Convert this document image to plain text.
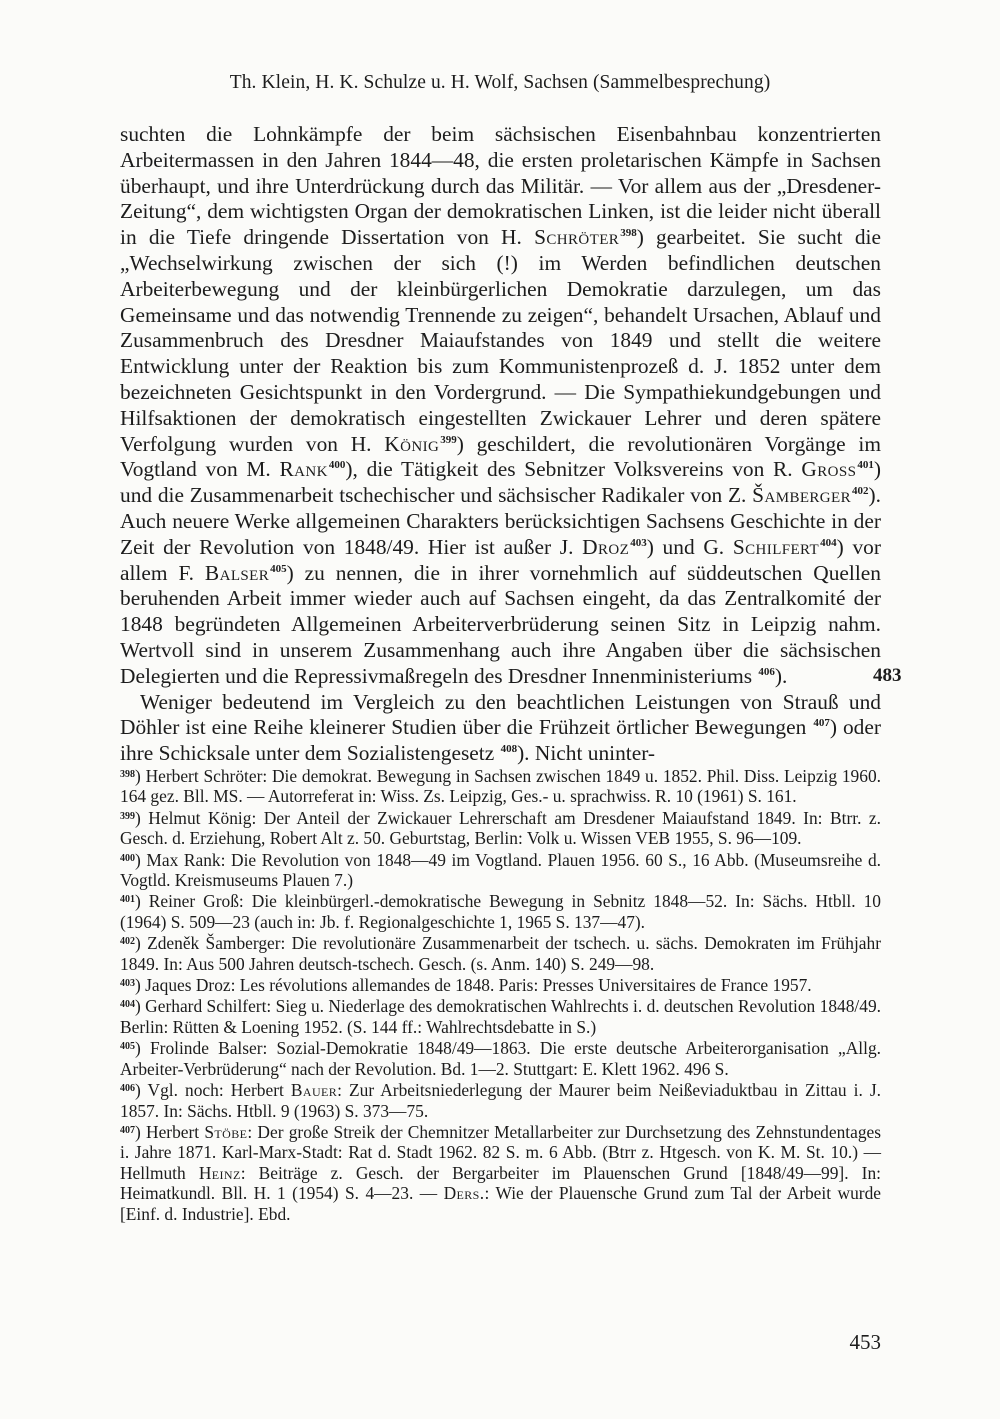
Th. Klein, H. K. Schulze u. H. Wolf, Sachsen (Sammelbesprechung)

suchten die Lohnkämpfe der beim sächsischen Eisenbahnbau konzentrierten Arbeitermassen in den Jahren 1844—48, die ersten proletarischen Kämpfe in Sachsen überhaupt, und ihre Unterdrückung durch das Militär. — Vor allem aus der „Dresdener-Zeitung“, dem wichtigsten Organ der demokratischen Linken, ist die leider nicht überall in die Tiefe dringende Dissertation von H. Schröter$^{398}$) gearbeitet. Sie sucht die „Wechselwirkung zwischen der sich (!) im Werden befindlichen deutschen Arbeiterbewegung und der kleinbürgerlichen Demokratie darzulegen, um das Gemeinsame und das notwendig Trennende zu zeigen“, behandelt Ursachen, Ablauf und Zusammenbruch des Dresdner Maiaufstandes von 1849 und stellt die weitere Entwicklung unter der Reaktion bis zum Kommunistenprozeß d. J. 1852 unter dem bezeichneten Gesichtspunkt in den Vordergrund. — Die Sympathiekundgebungen und Hilfsaktionen der demokratisch eingestellten Zwickauer Lehrer und deren spätere Verfolgung wurden von H. König$^{399}$) geschildert, die revolutionären Vorgänge im Vogtland von M. Rank$^{400}$), die Tätigkeit des Sebnitzer Volksvereins von R. Gross$^{401}$) und die Zusammenarbeit tschechischer und sächsischer Radikaler von Z. Šamberger$^{402}$). Auch neuere Werke allgemeinen Charakters berücksichtigen Sachsens Geschichte in der Zeit der Revolution von 1848/49. Hier ist außer J. Droz$^{403}$) und G. Schilfert$^{404}$) vor allem F. Balser$^{405}$) zu nennen, die in ihrer vornehmlich auf süddeutschen Quellen beruhenden Arbeit immer wieder auch auf Sachsen eingeht, da das Zentralkomité der 1848 begründeten Allgemeinen Arbeiterverbrüderung seinen Sitz in Leipzig nahm. Wertvoll sind in unserem Zusammenhang auch ihre Angaben über die sächsischen Delegierten und die Repressivmaßregeln des Dresdner Innenministeriums $^{406}$).

Weniger bedeutend im Vergleich zu den beachtlichen Leistungen von Strauß und Döhler ist eine Reihe kleinerer Studien über die Frühzeit örtlicher Bewegungen $^{407}$) oder ihre Schicksale unter dem Sozialistengesetz $^{408}$). Nicht uninter-

483
$^{398}$) Herbert Schröter: Die demokrat. Bewegung in Sachsen zwischen 1849 u. 1852. Phil. Diss. Leipzig 1960. 164 gez. Bll. MS. — Autorreferat in: Wiss. Zs. Leipzig, Ges.- u. sprachwiss. R. 10 (1961) S. 161.
$^{399}$) Helmut König: Der Anteil der Zwickauer Lehrerschaft am Dresdener Maiaufstand 1849. In: Btrr. z. Gesch. d. Erziehung, Robert Alt z. 50. Geburtstag, Berlin: Volk u. Wissen VEB 1955, S. 96—109.
$^{400}$) Max Rank: Die Revolution von 1848—49 im Vogtland. Plauen 1956. 60 S., 16 Abb. (Museumsreihe d. Vogtld. Kreismuseums Plauen 7.)
$^{401}$) Reiner Groß: Die kleinbürgerl.-demokratische Bewegung in Sebnitz 1848—52. In: Sächs. Htbll. 10 (1964) S. 509—23 (auch in: Jb. f. Regionalgeschichte 1, 1965 S. 137—47).
$^{402}$) Zdeněk Šamberger: Die revolutionäre Zusammenarbeit der tschech. u. sächs. Demokraten im Frühjahr 1849. In: Aus 500 Jahren deutsch-tschech. Gesch. (s. Anm. 140) S. 249—98.
$^{403}$) Jaques Droz: Les révolutions allemandes de 1848. Paris: Presses Universitaires de France 1957.
$^{404}$) Gerhard Schilfert: Sieg u. Niederlage des demokratischen Wahlrechts i. d. deutschen Revolution 1848/49. Berlin: Rütten & Loening 1952. (S. 144 ff.: Wahlrechtsdebatte in S.)
$^{405}$) Frolinde Balser: Sozial-Demokratie 1848/49—1863. Die erste deutsche Arbeiterorganisation „Allg. Arbeiter-Verbrüderung“ nach der Revolution. Bd. 1—2. Stuttgart: E. Klett 1962. 496 S.
$^{406}$) Vgl. noch: Herbert Bauer: Zur Arbeitsniederlegung der Maurer beim Neißeviaduktbau in Zittau i. J. 1857. In: Sächs. Htbll. 9 (1963) S. 373—75.
$^{407}$) Herbert Stöbe: Der große Streik der Chemnitzer Metallarbeiter zur Durchsetzung des Zehnstundentages i. Jahre 1871. Karl-Marx-Stadt: Rat d. Stadt 1962. 82 S. m. 6 Abb. (Btrr z. Htgesch. von K. M. St. 10.) — Hellmuth Heinz: Beiträge z. Gesch. der Bergarbeiter im Plauenschen Grund [1848/49—99]. In: Heimatkundl. Bll. H. 1 (1954) S. 4—23. — Ders.: Wie der Plauensche Grund zum Tal der Arbeit wurde [Einf. d. Industrie]. Ebd.
453
